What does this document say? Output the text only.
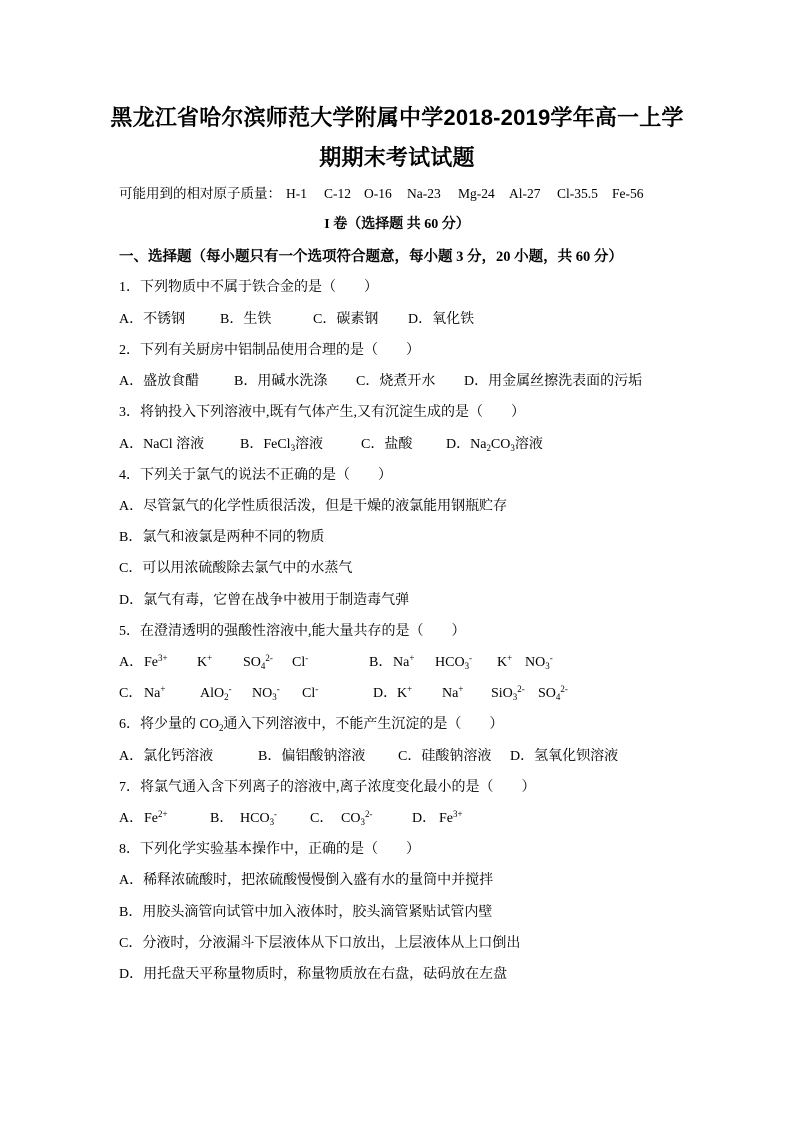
黑龙江省哈尔滨师范大学附属中学2018-2019学年高一上学
期期末考试试题
可能用到的相对原子质量： H-1 C-12 O-16 Na-23 Mg-24 Al-27 Cl-35.5 Fe-56
I 卷（选择题 共 60 分）
一、选择题（每小题只有一个选项符合题意，每小题 3 分，20 小题，共 60 分）
1．下列物质中不属于铁合金的是（　　）
A．不锈钢 B．生铁	C．碳素钢 D．氧化铁
2．下列有关厨房中铝制品使用合理的是（　　）
A．盛放食醋 B．用碱水洗涤 C．烧煮开水 D．用金属丝擦洗表面的污垢
3．将钠投入下列溶液中,既有气体产生,又有沉淀生成的是（　　）
A．NaCl 溶液	B．FeCl$_3$溶液	C．盐酸 D．$Na_2CO_3$溶液
4．下列关于氯气的说法不正确的是（　　）
A．尽管氯气的化学性质很活泼，但是干燥的液氯能用钢瓶贮存
B．氯气和液氯是两种不同的物质
C．可以用浓硫酸除去氯气中的水蒸气
D．氯气有毒，它曾在战争中被用于制造毒气弹
5．在澄清透明的强酸性溶液中,能大量共存的是（　　）
A． $Fe^{3+}$ K+ $SO_4^{2-}$ Cl-	B． Na+ $HCO_3^-$ K+ $NO_3^-$
C． Na+ AlO$_2$- $NO_3^-$ Cl-	D． K+ Na+ SiO$_3^{2-}$ $SO_4^{2-}$
6．将少量的 $CO_2$通入下列溶液中，不能产生沉淀的是（　　）
A．氯化钙溶液	B．偏铝酸钠溶液 C．硅酸钠溶液 D．氢氧化钡溶液
7．将氯气通入含下列离子的溶液中,离子浓度变化最小的是（　　）
A． $Fe^{2+}$	B． $HCO_3^-$ C． $CO_3^{2-}$	D． $Fe^{3+}$
8．下列化学实验基本操作中，正确的是（　　）
A．稀释浓硫酸时，把浓硫酸慢慢倒入盛有水的量筒中并搅拌
B．用胶头滴管向试管中加入液体时，胶头滴管紧贴试管内壁
C．分液时，分液漏斗下层液体从下口放出，上层液体从上口倒出
D．用托盘天平称量物质时，称量物质放在右盘，砝码放在左盘
